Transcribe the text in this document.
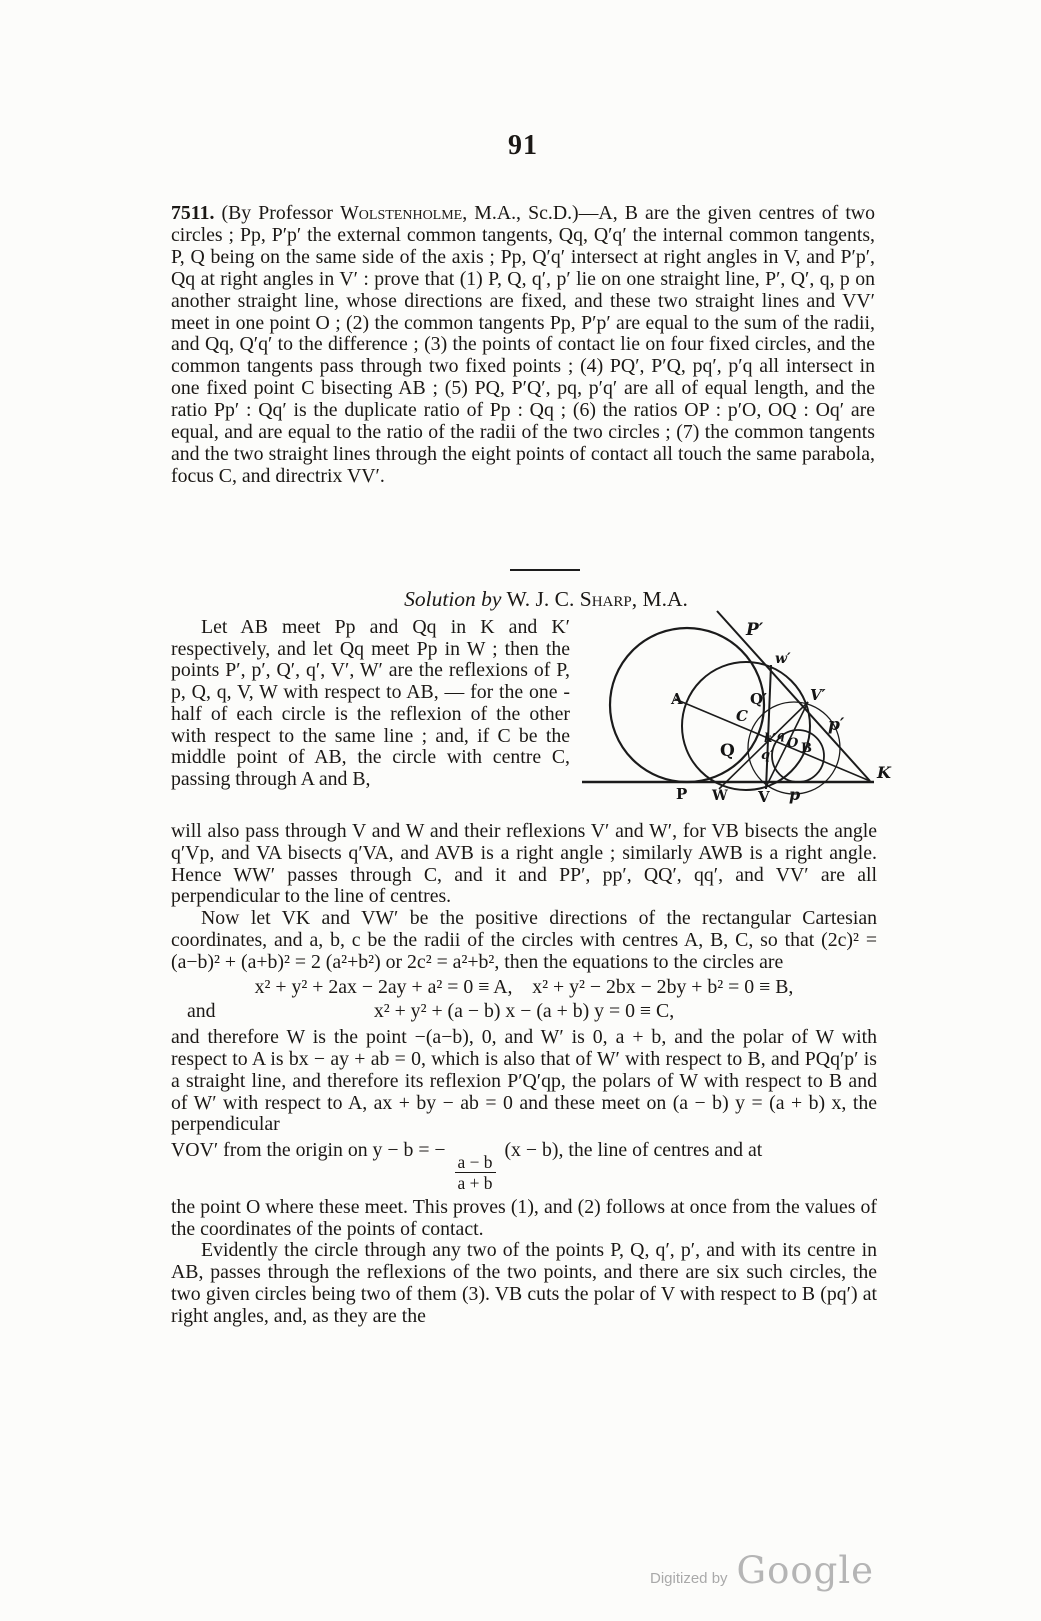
91
7511. (By Professor Wolstenholme, M.A., Sc.D.)—A, B are the given centres of two circles ; Pp, P′p′ the external common tangents, Qq, Q′q′ the internal common tangents, P, Q being on the same side of the axis ; Pp, Q′q′ intersect at right angles in V, and P′p′, Qq at right angles in V′ : prove that (1) P, Q, q′, p′ lie on one straight line, P′, Q′, q, p on another straight line, whose directions are fixed, and these two straight lines and VV′ meet in one point O ; (2) the common tangents Pp, P′p′ are equal to the sum of the radii, and Qq, Q′q′ to the difference ; (3) the points of contact lie on four fixed circles, and the common tangents pass through two fixed points ; (4) PQ′, P′Q, pq′, p′q all intersect in one fixed point C bisecting AB ; (5) PQ, P′Q′, pq, p′q′ are all of equal length, and the ratio Pp′ : Qq′ is the duplicate ratio of Pp : Qq ; (6) the ratios OP : p′O, OQ : Oq′ are equal, and are equal to the ratio of the radii of the two circles ; (7) the common tangents and the two straight lines through the eight points of contact all touch the same parabola, focus C, and directrix VV′.
Solution by W. J. C. Sharp, M.A.
Let AB meet Pp and Qq in K and K′ respectively, and let Qq meet Pp in W ; then the points P′, p′, Q′, q′, V′, W′ are the reflexions of P, p, Q, q, V, W with respect to AB, — for the one - half of each circle is the reflexion of the other with respect to the same line ; and, if C be the middle point of AB, the circle with centre C, passing through A and B,
P′
w′
A	Q′	V′
C	p′
k′ q
O B
Q q′
K
P W V p

will also pass through V and W and their reflexions V′ and W′, for VB bisects the angle q′Vp, and VA bisects q′VA, and AVB is a right angle ; similarly AWB is a right angle. Hence WW′ passes through C, and it and PP′, pp′, QQ′, qq′, and VV′ are all perpendicular to the line of centres.

Now let VK and VW′ be the positive directions of the rectangular Cartesian coordinates, and a, b, c be the radii of the circles with centres A, B, C, so that (2c)² = (a−b)² + (a+b)² = 2 (a²+b²) or 2c² = a²+b², then the equations to the circles are

x² + y² + 2ax − 2ay + a² = 0 ≡ A, x² + y² − 2bx − 2by + b² = 0 ≡ B,

and	x² + y² + (a − b) x − (a + b) y = 0 ≡ C,

and therefore W is the point −(a−b), 0, and W′ is 0, a + b, and the polar of W with respect to A is bx − ay + ab = 0, which is also that of W′ with respect to B, and PQq′p′ is a straight line, and therefore its reflexion P′Q′qp, the polars of W with respect to B and of W′ with respect to A, ax + by − ab = 0 and these meet on (a − b) y = (a + b) x, the perpendicular

VOV′ from the origin on y − b = −
$\frac{a - b}{a + b}$
(x − b), the line of centres and at

the point O where these meet. This proves (1), and (2) follows at once from the values of the coordinates of the points of contact.

Evidently the circle through any two of the points P, Q, q′, p′, and with its centre in AB, passes through the reflexions of the two points, and there are six such circles, the two given circles being two of them (3). VB cuts the polar of V with respect to B (pq′) at right angles, and, as they are the

Digitized by Google
